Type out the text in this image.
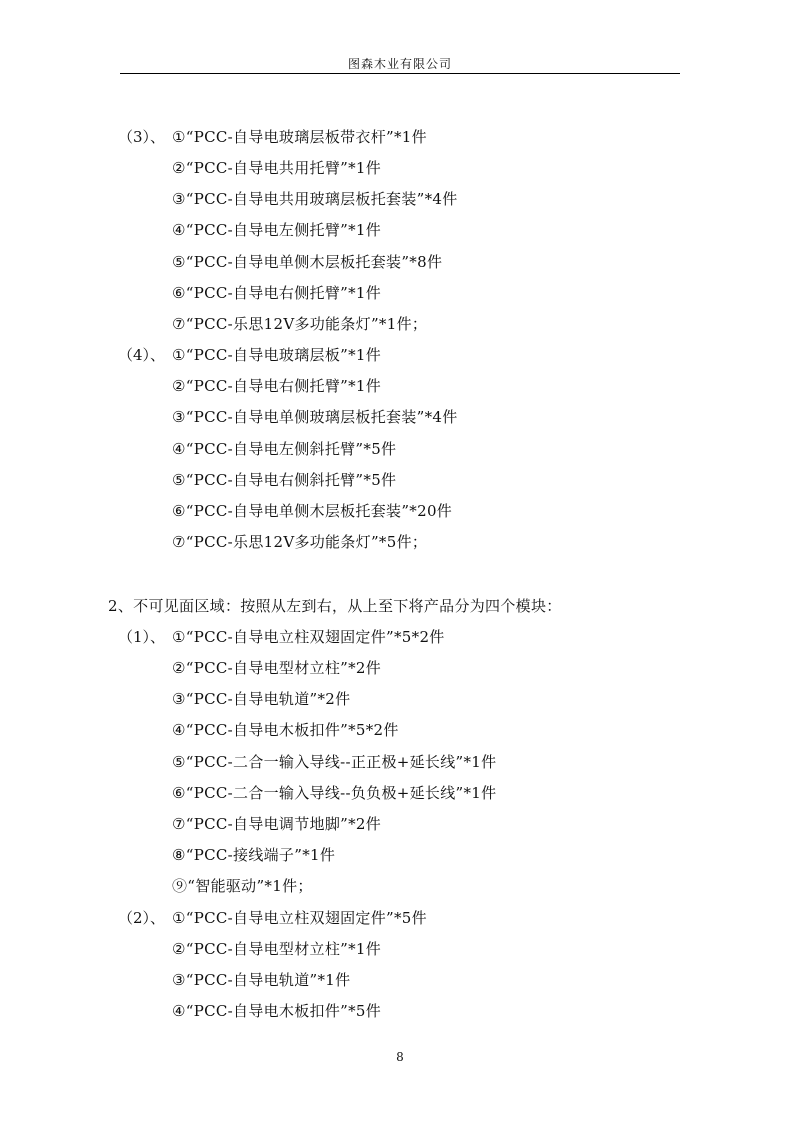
图森木业有限公司
（3）、 ①“PCC-自导电玻璃层板带衣杆”*1件
②“PCC-自导电共用托臂”*1件
③“PCC-自导电共用玻璃层板托套装”*4件
④“PCC-自导电左侧托臂”*1件
⑤“PCC-自导电单侧木层板托套装”*8件
⑥“PCC-自导电右侧托臂”*1件
⑦“PCC-乐思12V多功能条灯”*1件；
（4）、 ①“PCC-自导电玻璃层板”*1件
②“PCC-自导电右侧托臂”*1件
③“PCC-自导电单侧玻璃层板托套装”*4件
④“PCC-自导电左侧斜托臂”*5件
⑤“PCC-自导电右侧斜托臂”*5件
⑥“PCC-自导电单侧木层板托套装”*20件
⑦“PCC-乐思12V多功能条灯”*5件；
2、不可见面区域：按照从左到右，从上至下将产品分为四个模块：
（1）、 ①“PCC-自导电立柱双翅固定件”*5*2件
②“PCC-自导电型材立柱”*2件
③“PCC-自导电轨道”*2件
④“PCC-自导电木板扣件”*5*2件
⑤“PCC-二合一输入导线--正正极+延长线”*1件
⑥“PCC-二合一输入导线--负负极+延长线”*1件
⑦“PCC-自导电调节地脚”*2件
⑧“PCC-接线端子”*1件
⑨“智能驱动”*1件；
（2）、 ①“PCC-自导电立柱双翅固定件”*5件
②“PCC-自导电型材立柱”*1件
③“PCC-自导电轨道”*1件
④“PCC-自导电木板扣件”*5件
8
